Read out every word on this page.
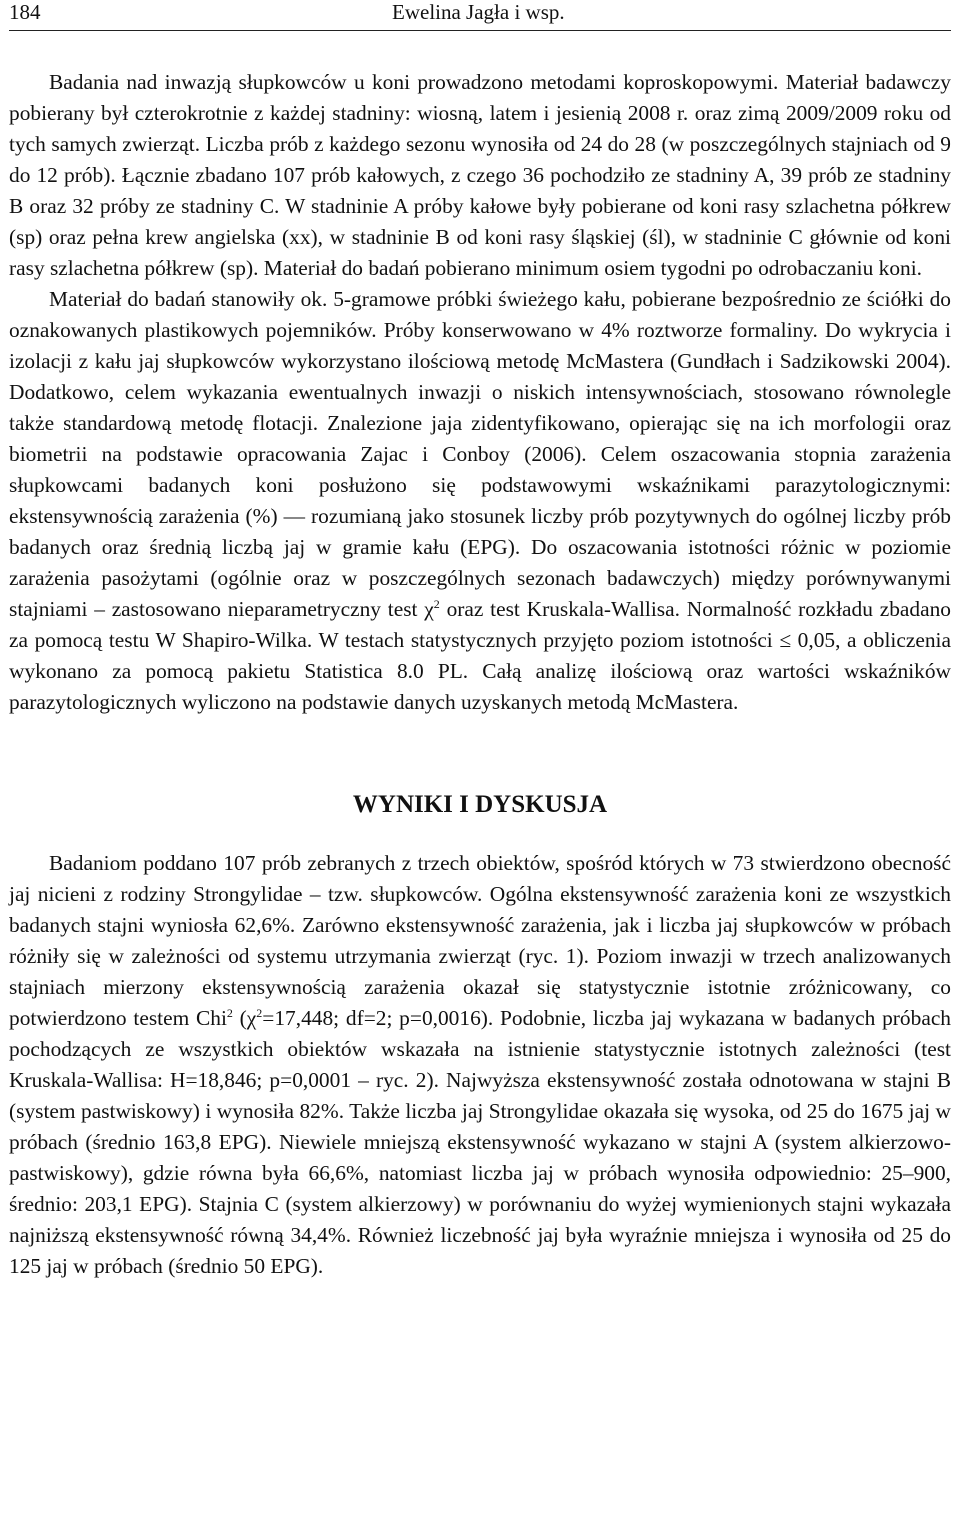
184	Ewelina Jagła i wsp.

Badania nad inwazją słupkowców u koni prowadzono metodami koproskopowymi. Materiał badawczy pobierany był czterokrotnie z każdej stadniny: wiosną, latem i jesienią 2008 r. oraz zimą 2009/2009 roku od tych samych zwierząt. Liczba prób z każdego sezonu wynosiła od 24 do 28 (w poszczególnych stajniach od 9 do 12 prób). Łącznie zbadano 107 prób kałowych, z czego 36 pochodziło ze stadniny A, 39 prób ze stadniny B oraz 32 próby ze stadniny C. W stadninie A próby kałowe były pobierane od koni rasy szlachetna półkrew (sp) oraz pełna krew angielska (xx), w stadninie B od koni rasy śląskiej (śl), w stadninie C głównie od koni rasy szlachetna półkrew (sp). Materiał do badań pobierano minimum osiem tygodni po odrobaczaniu koni.

Materiał do badań stanowiły ok. 5-gramowe próbki świeżego kału, pobierane bezpośrednio ze ściółki do oznakowanych plastikowych pojemników. Próby konserwowano w 4% roztworze formaliny. Do wykrycia i izolacji z kału jaj słupkowców wykorzystano ilościową metodę McMastera (Gundłach i Sadzikowski 2004). Dodatkowo, celem wykazania ewentualnych inwazji o niskich intensywnościach, stosowano równolegle także standardową metodę flotacji. Znalezione jaja zidentyfikowano, opierając się na ich morfologii oraz biometrii na podstawie opracowania Zajac i Conboy (2006). Celem oszacowania stopnia zarażenia słupkowcami badanych koni posłużono się podstawowymi wskaźnikami parazytologicznymi: ekstensywnością zarażenia (%) — rozumianą jako stosunek liczby prób pozytywnych do ogólnej liczby prób badanych oraz średnią liczbą jaj w gramie kału (EPG). Do oszacowania istotności różnic w poziomie zarażenia pasożytami (ogólnie oraz w poszczególnych sezonach badawczych) między porównywanymi stajniami – zastosowano nieparametryczny test $\chi^2$ oraz test Kruskala-Wallisa. Normalność rozkładu zbadano za pomocą testu W Shapiro-Wilka. W testach statystycznych przyjęto poziom istotności ≤ 0,05, a obliczenia wykonano za pomocą pakietu Statistica 8.0 PL. Całą analizę ilościową oraz wartości wskaźników parazytologicznych wyliczono na podstawie danych uzyskanych metodą McMastera.

WYNIKI I DYSKUSJA

Badaniom poddano 107 prób zebranych z trzech obiektów, spośród których w 73 stwierdzono obecność jaj nicieni z rodziny Strongylidae – tzw. słupkowców. Ogólna ekstensywność zarażenia koni ze wszystkich badanych stajni wyniosła 62,6%. Zarówno ekstensywność zarażenia, jak i liczba jaj słupkowców w próbach różniły się w zależności od systemu utrzymania zwierząt (ryc. 1). Poziom inwazji w trzech analizowanych stajniach mierzony ekstensywnością zarażenia okazał się statystycznie istotnie zróżnicowany, co potwierdzono testem Chi$^2$ ($\chi^2=17,448$; df=2; p=0,0016). Podobnie, liczba jaj wykazana w badanych próbach pochodzących ze wszystkich obiektów wskazała na istnienie statystycznie istotnych zależności (test Kruskala-Wallisa: H=18,846; p=0,0001 – ryc. 2). Najwyższa ekstensywność została odnotowana w stajni B (system pastwiskowy) i wynosiła 82%. Także liczba jaj Strongylidae okazała się wysoka, od 25 do 1675 jaj w próbach (średnio 163,8 EPG). Niewiele mniejszą ekstensywność wykazano w stajni A (system alkierzowo-pastwiskowy), gdzie równa była 66,6%, natomiast liczba jaj w próbach wynosiła odpowiednio: 25–900, średnio: 203,1 EPG). Stajnia C (system alkierzowy) w porównaniu do wyżej wymienionych stajni wykazała najniższą ekstensywność równą 34,4%. Również liczebność jaj była wyraźnie mniejsza i wynosiła od 25 do 125 jaj w próbach (średnio 50 EPG).
